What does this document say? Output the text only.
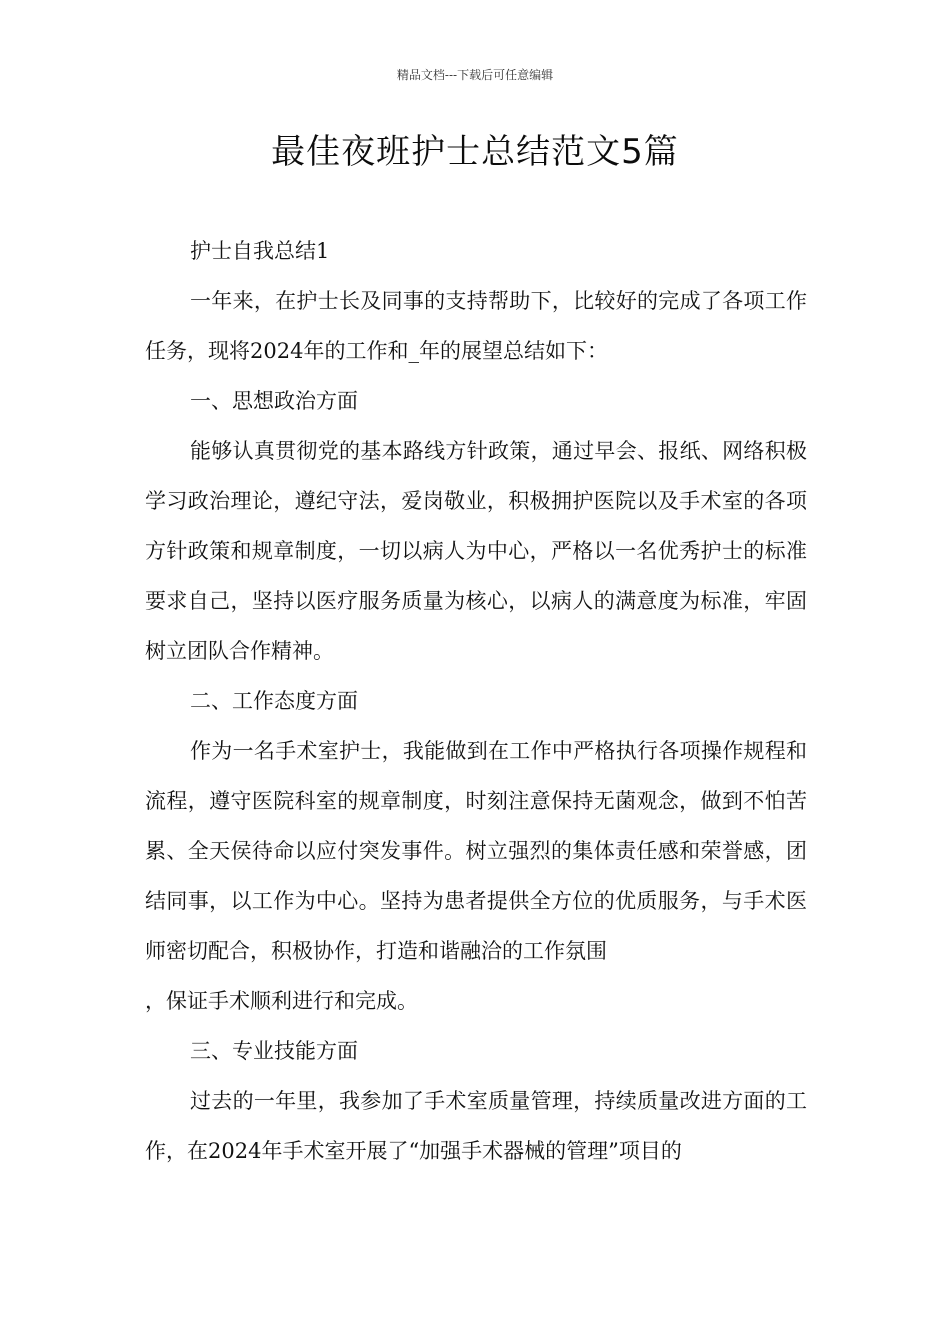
精品文档---下载后可任意编辑
最佳夜班护士总结范文5篇

护士自我总结1

一年来，在护士长及同事的支持帮助下，比较好的完成了各项工作任务，现将2024年的工作和_年的展望总结如下：

一、思想政治方面

能够认真贯彻党的基本路线方针政策，通过早会、报纸、网络积极学习政治理论，遵纪守法，爱岗敬业，积极拥护医院以及手术室的各项方针政策和规章制度，一切以病人为中心，严格以一名优秀护士的标准要求自己，坚持以医疗服务质量为核心，以病人的满意度为标准，牢固树立团队合作精神。

二、工作态度方面

作为一名手术室护士，我能做到在工作中严格执行各项操作规程和流程，遵守医院科室的规章制度，时刻注意保持无菌观念，做到不怕苦累、全天侯待命以应付突发事件。树立强烈的集体责任感和荣誉感，团结同事，以工作为中心。坚持为患者提供全方位的优质服务，与手术医师密切配合，积极协作，打造和谐融洽的工作氛围

，保证手术顺利进行和完成。

三、专业技能方面

过去的一年里，我参加了手术室质量管理，持续质量改进方面的工作，在2024年手术室开展了“加强手术器械的管理”项目的
